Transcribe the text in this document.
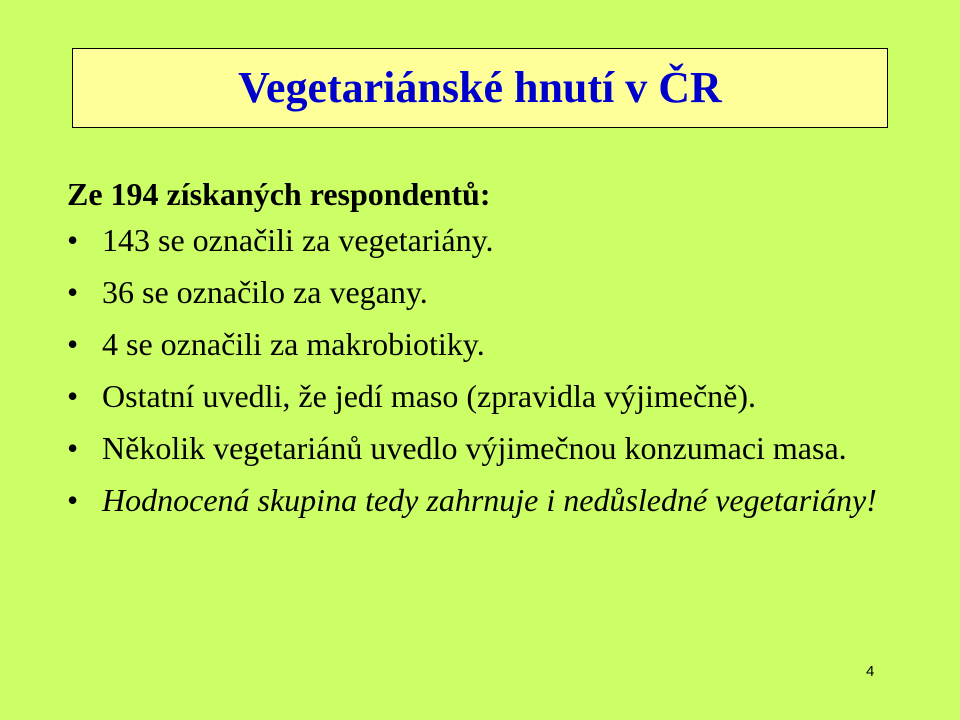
Vegetariánské hnutí v ČR
Ze 194 získaných respondentů:
• 143 se označili za vegetariány.
• 36 se označilo za vegany.
• 4 se označili za makrobiotiky.
• Ostatní uvedli, že jedí maso (zpravidla výjimečně).
• Několik vegetariánů uvedlo výjimečnou konzumaci masa.
• Hodnocená skupina tedy zahrnuje i nedůsledné vegetariány!
4
